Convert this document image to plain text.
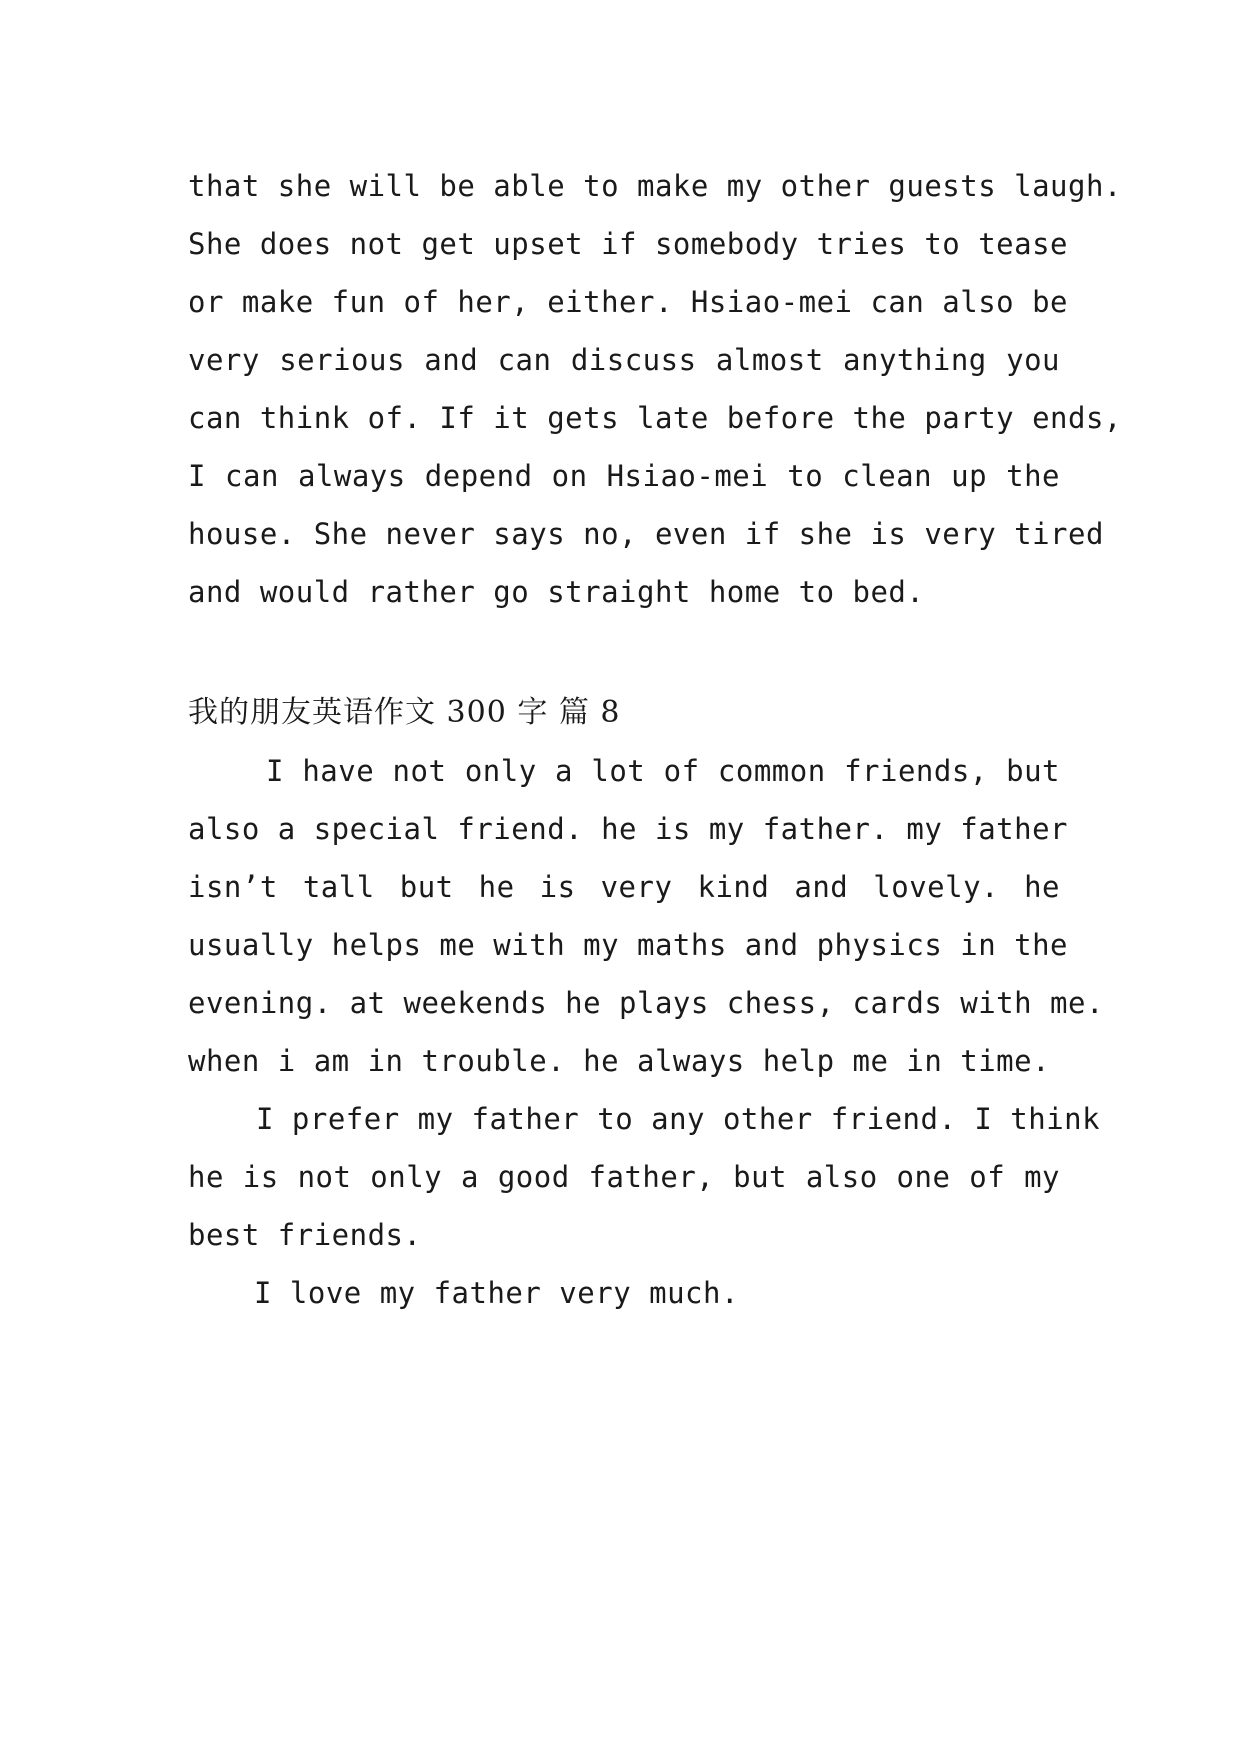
that she will be able to make my other guests laugh.
She does not get upset if somebody tries to tease
or make fun of her, either. Hsiao-mei can also be
very serious and can discuss almost anything you
can think of. If it gets late before the party ends,
I can always depend on Hsiao-mei to clean up the
house. She never says no, even if she is very tired
and would rather go straight home to bed.
我的朋友英语作文 300 字 篇 8
I have not only a lot of common friends, but
also a special friend. he is my father. my father
isn’t tall but he is very kind and lovely. he
usually helps me with my maths and physics in the
evening. at weekends he plays chess, cards with me.
when i am in trouble. he always help me in time.
I prefer my father to any other friend. I think
he is not only a good father, but also one of my
best friends.
I love my father very much.
